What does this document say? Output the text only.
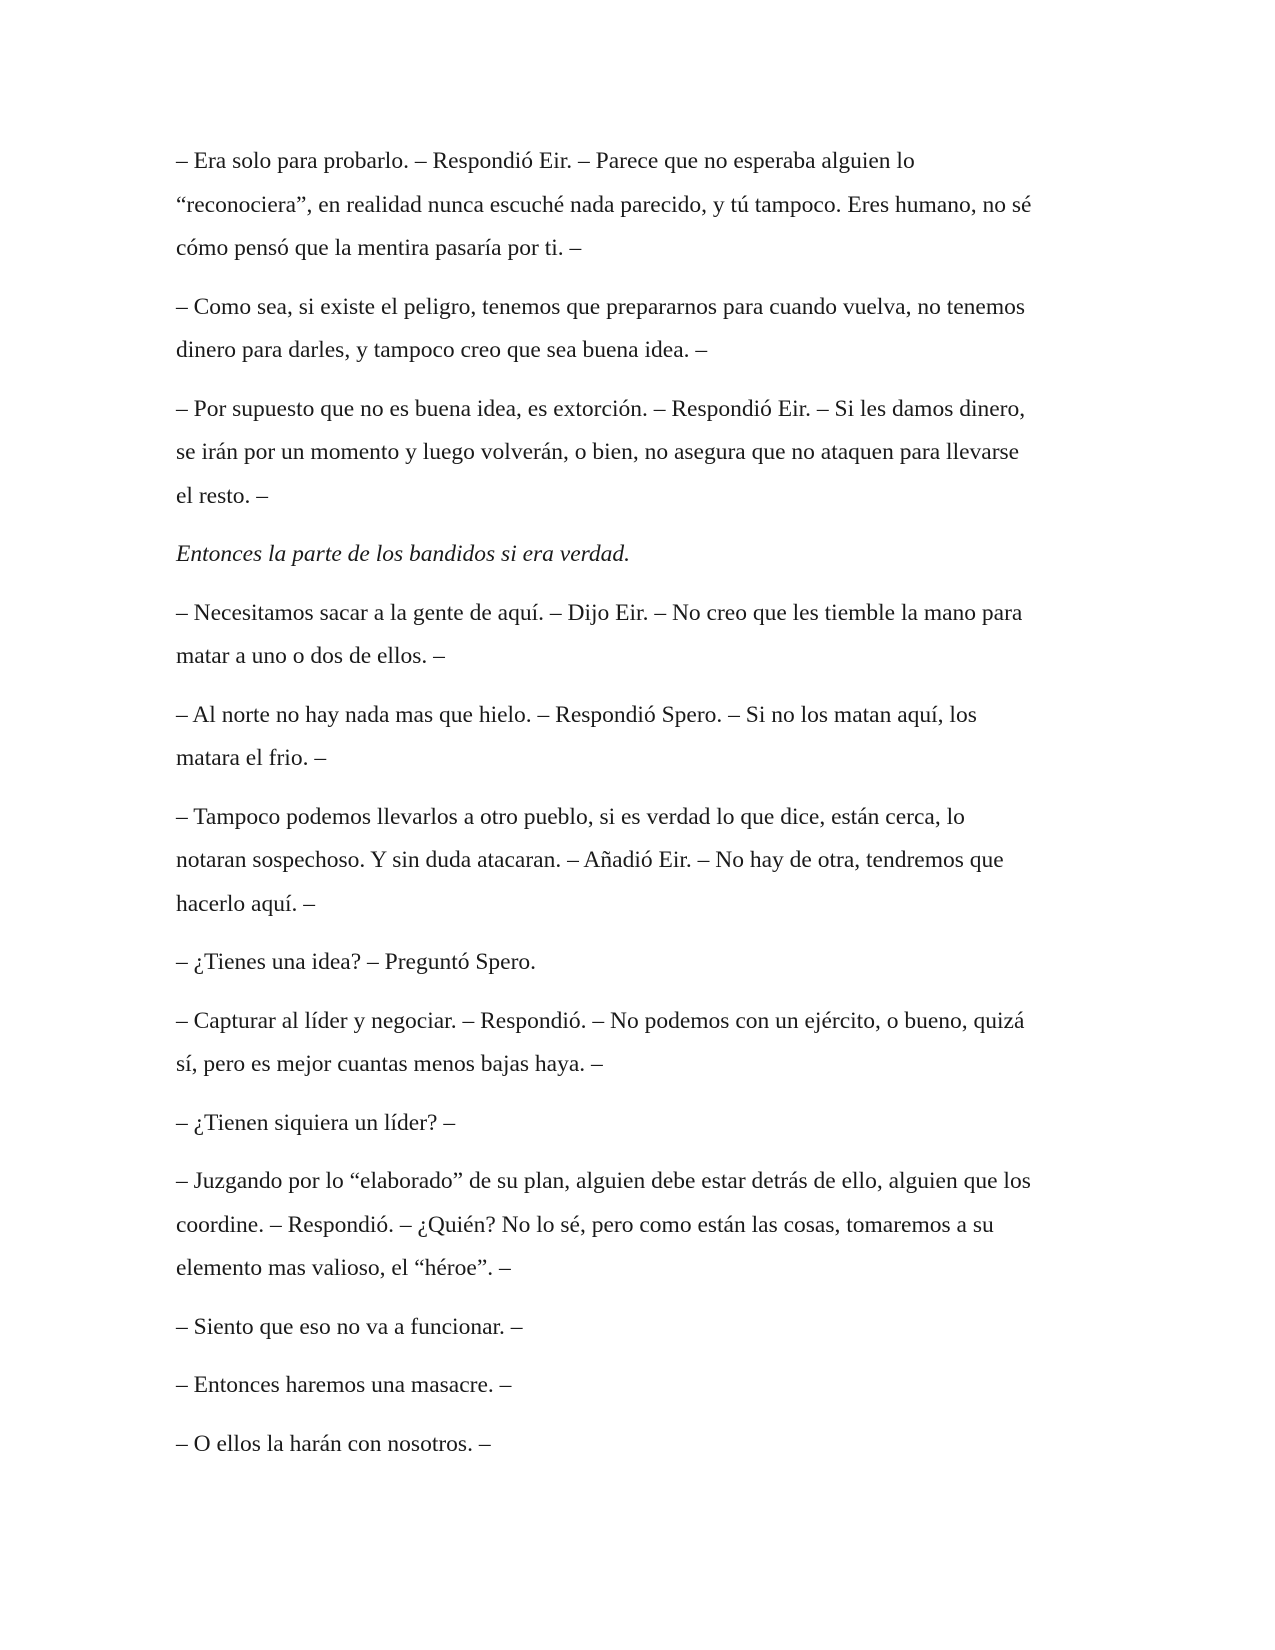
– Era solo para probarlo. – Respondió Eir. – Parece que no esperaba alguien lo
“reconociera”, en realidad nunca escuché nada parecido, y tú tampoco. Eres humano, no sé
cómo pensó que la mentira pasaría por ti. –

– Como sea, si existe el peligro, tenemos que prepararnos para cuando vuelva, no tenemos
dinero para darles, y tampoco creo que sea buena idea. –

– Por supuesto que no es buena idea, es extorción. – Respondió Eir. – Si les damos dinero,
se irán por un momento y luego volverán, o bien, no asegura que no ataquen para llevarse
el resto. –

Entonces la parte de los bandidos si era verdad.

– Necesitamos sacar a la gente de aquí. – Dijo Eir. – No creo que les tiemble la mano para
matar a uno o dos de ellos. –

– Al norte no hay nada mas que hielo. – Respondió Spero. – Si no los matan aquí, los
matara el frio. –

– Tampoco podemos llevarlos a otro pueblo, si es verdad lo que dice, están cerca, lo
notaran sospechoso. Y sin duda atacaran. – Añadió Eir. – No hay de otra, tendremos que
hacerlo aquí. –

– ¿Tienes una idea? – Preguntó Spero.

– Capturar al líder y negociar. – Respondió. – No podemos con un ejército, o bueno, quizá
sí, pero es mejor cuantas menos bajas haya. –

– ¿Tienen siquiera un líder? –

– Juzgando por lo “elaborado” de su plan, alguien debe estar detrás de ello, alguien que los
coordine. – Respondió. – ¿Quién? No lo sé, pero como están las cosas, tomaremos a su
elemento mas valioso, el “héroe”. –

– Siento que eso no va a funcionar. –

– Entonces haremos una masacre. –

– O ellos la harán con nosotros. –
